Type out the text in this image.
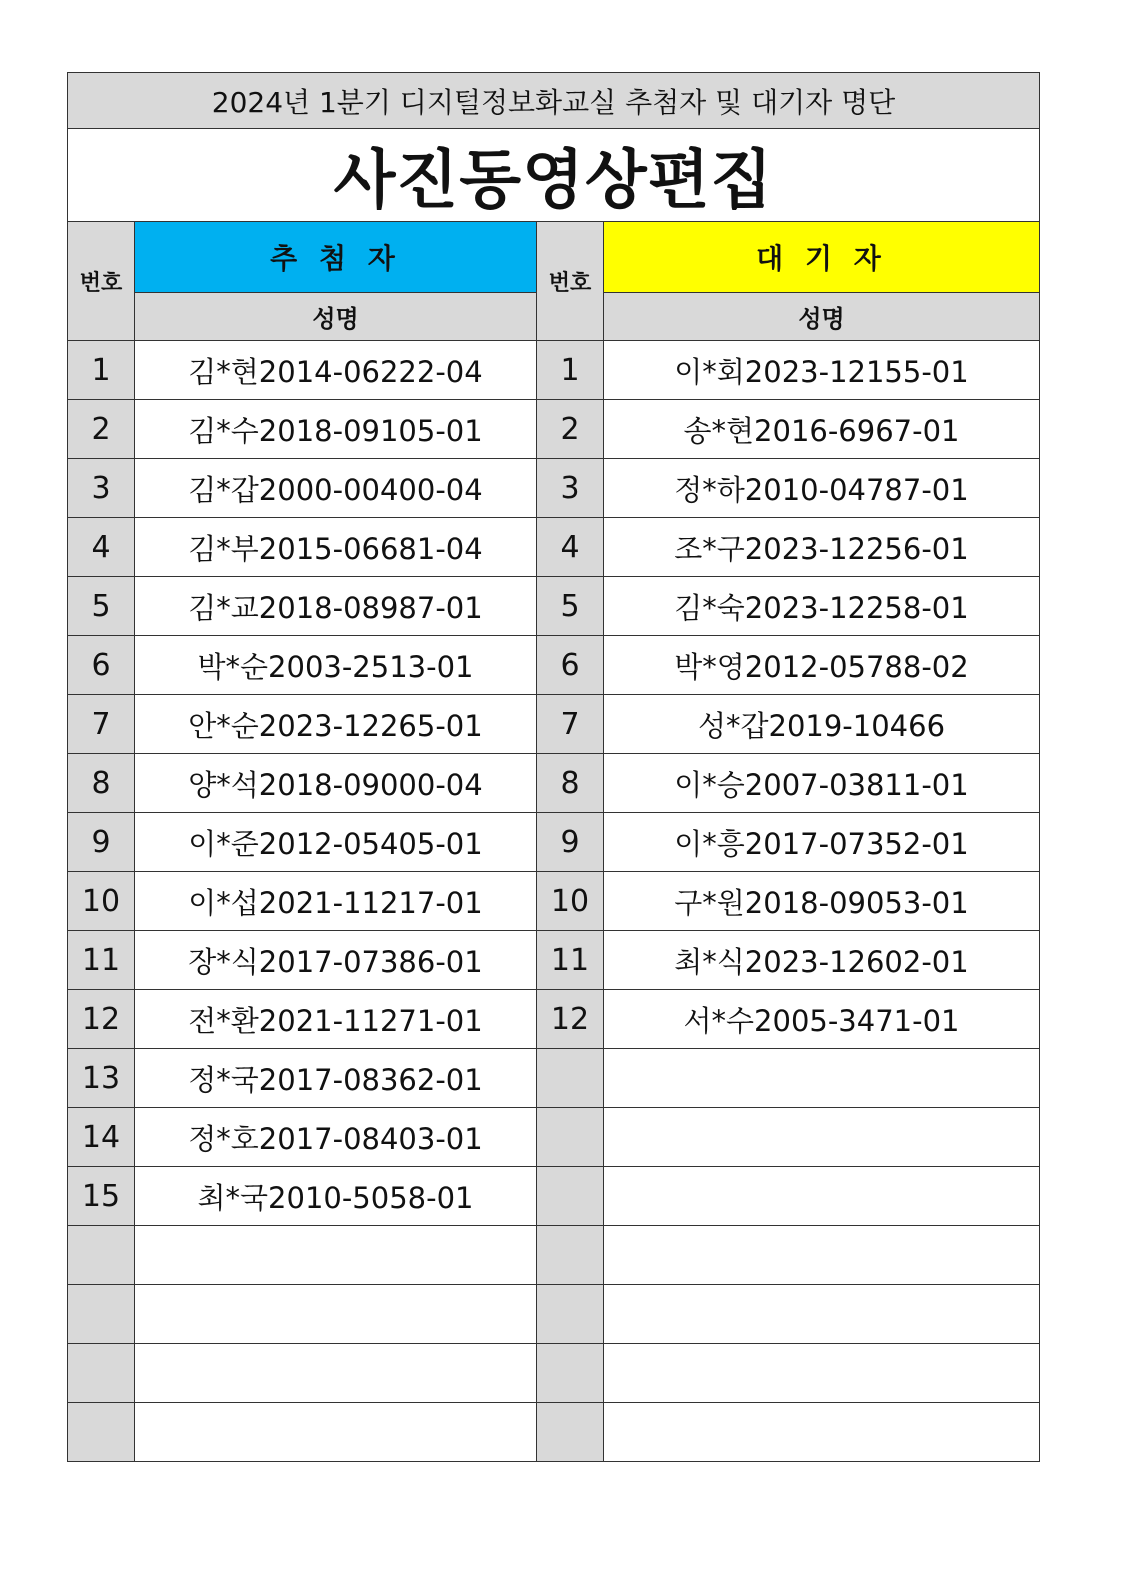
2024년 1분기 디지털정보화교실 추첨자 및 대기자 명단			
사진동영상편집			
번호	추 첨 자	번호	대 기 자
	성명		성명
1	김*현2014-06222-04	1	이*회2023-12155-01
2	김*수2018-09105-01	2	송*현2016-6967-01
3	김*갑2000-00400-04	3	정*하2010-04787-01
4	김*부2015-06681-04	4	조*구2023-12256-01
5	김*교2018-08987-01	5	김*숙2023-12258-01
6	박*순2003-2513-01	6	박*영2012-05788-02
7	안*순2023-12265-01	7	성*갑2019-10466
8	양*석2018-09000-04	8	이*승2007-03811-01
9	이*준2012-05405-01	9	이*흥2017-07352-01
10	이*섭2021-11217-01	10	구*원2018-09053-01
11	장*식2017-07386-01	11	최*식2023-12602-01
12	전*환2021-11271-01	12	서*수2005-3471-01
13	정*국2017-08362-01		
14	정*호2017-08403-01		
15	최*국2010-5058-01		
